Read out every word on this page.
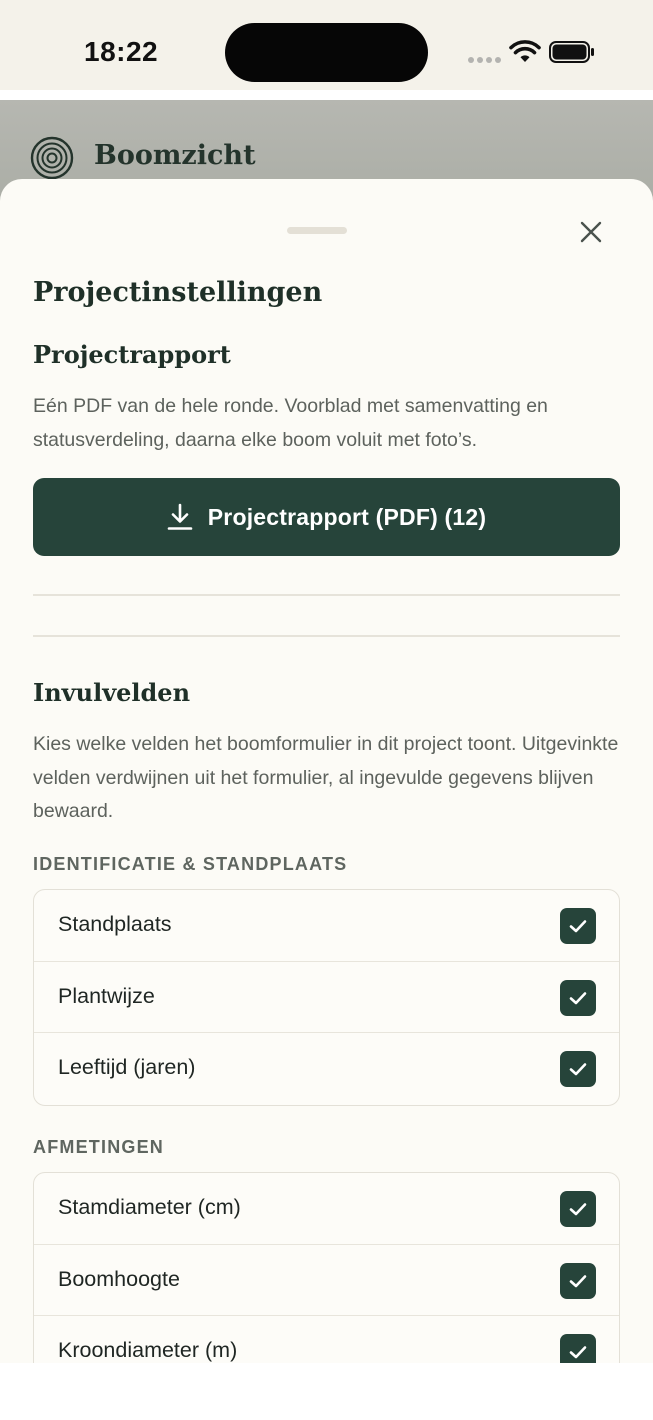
18:22
Boomzicht
Projectinstellingen
Projectrapport
Eén PDF van de hele ronde. Voorblad met samenvatting en statusverdeling, daarna elke boom voluit met foto’s.
Projectrapport (PDF) (12)
Invulvelden
Kies welke velden het boomformulier in dit project toont. Uitgevinkte velden verdwijnen uit het formulier, al ingevulde gegevens blijven bewaard.
IDENTIFICATIE & STANDPLAATS
Standplaats
Plantwijze
Leeftijd (jaren)
AFMETINGEN
Stamdiameter (cm)
Boomhoogte
Kroondiameter (m)
